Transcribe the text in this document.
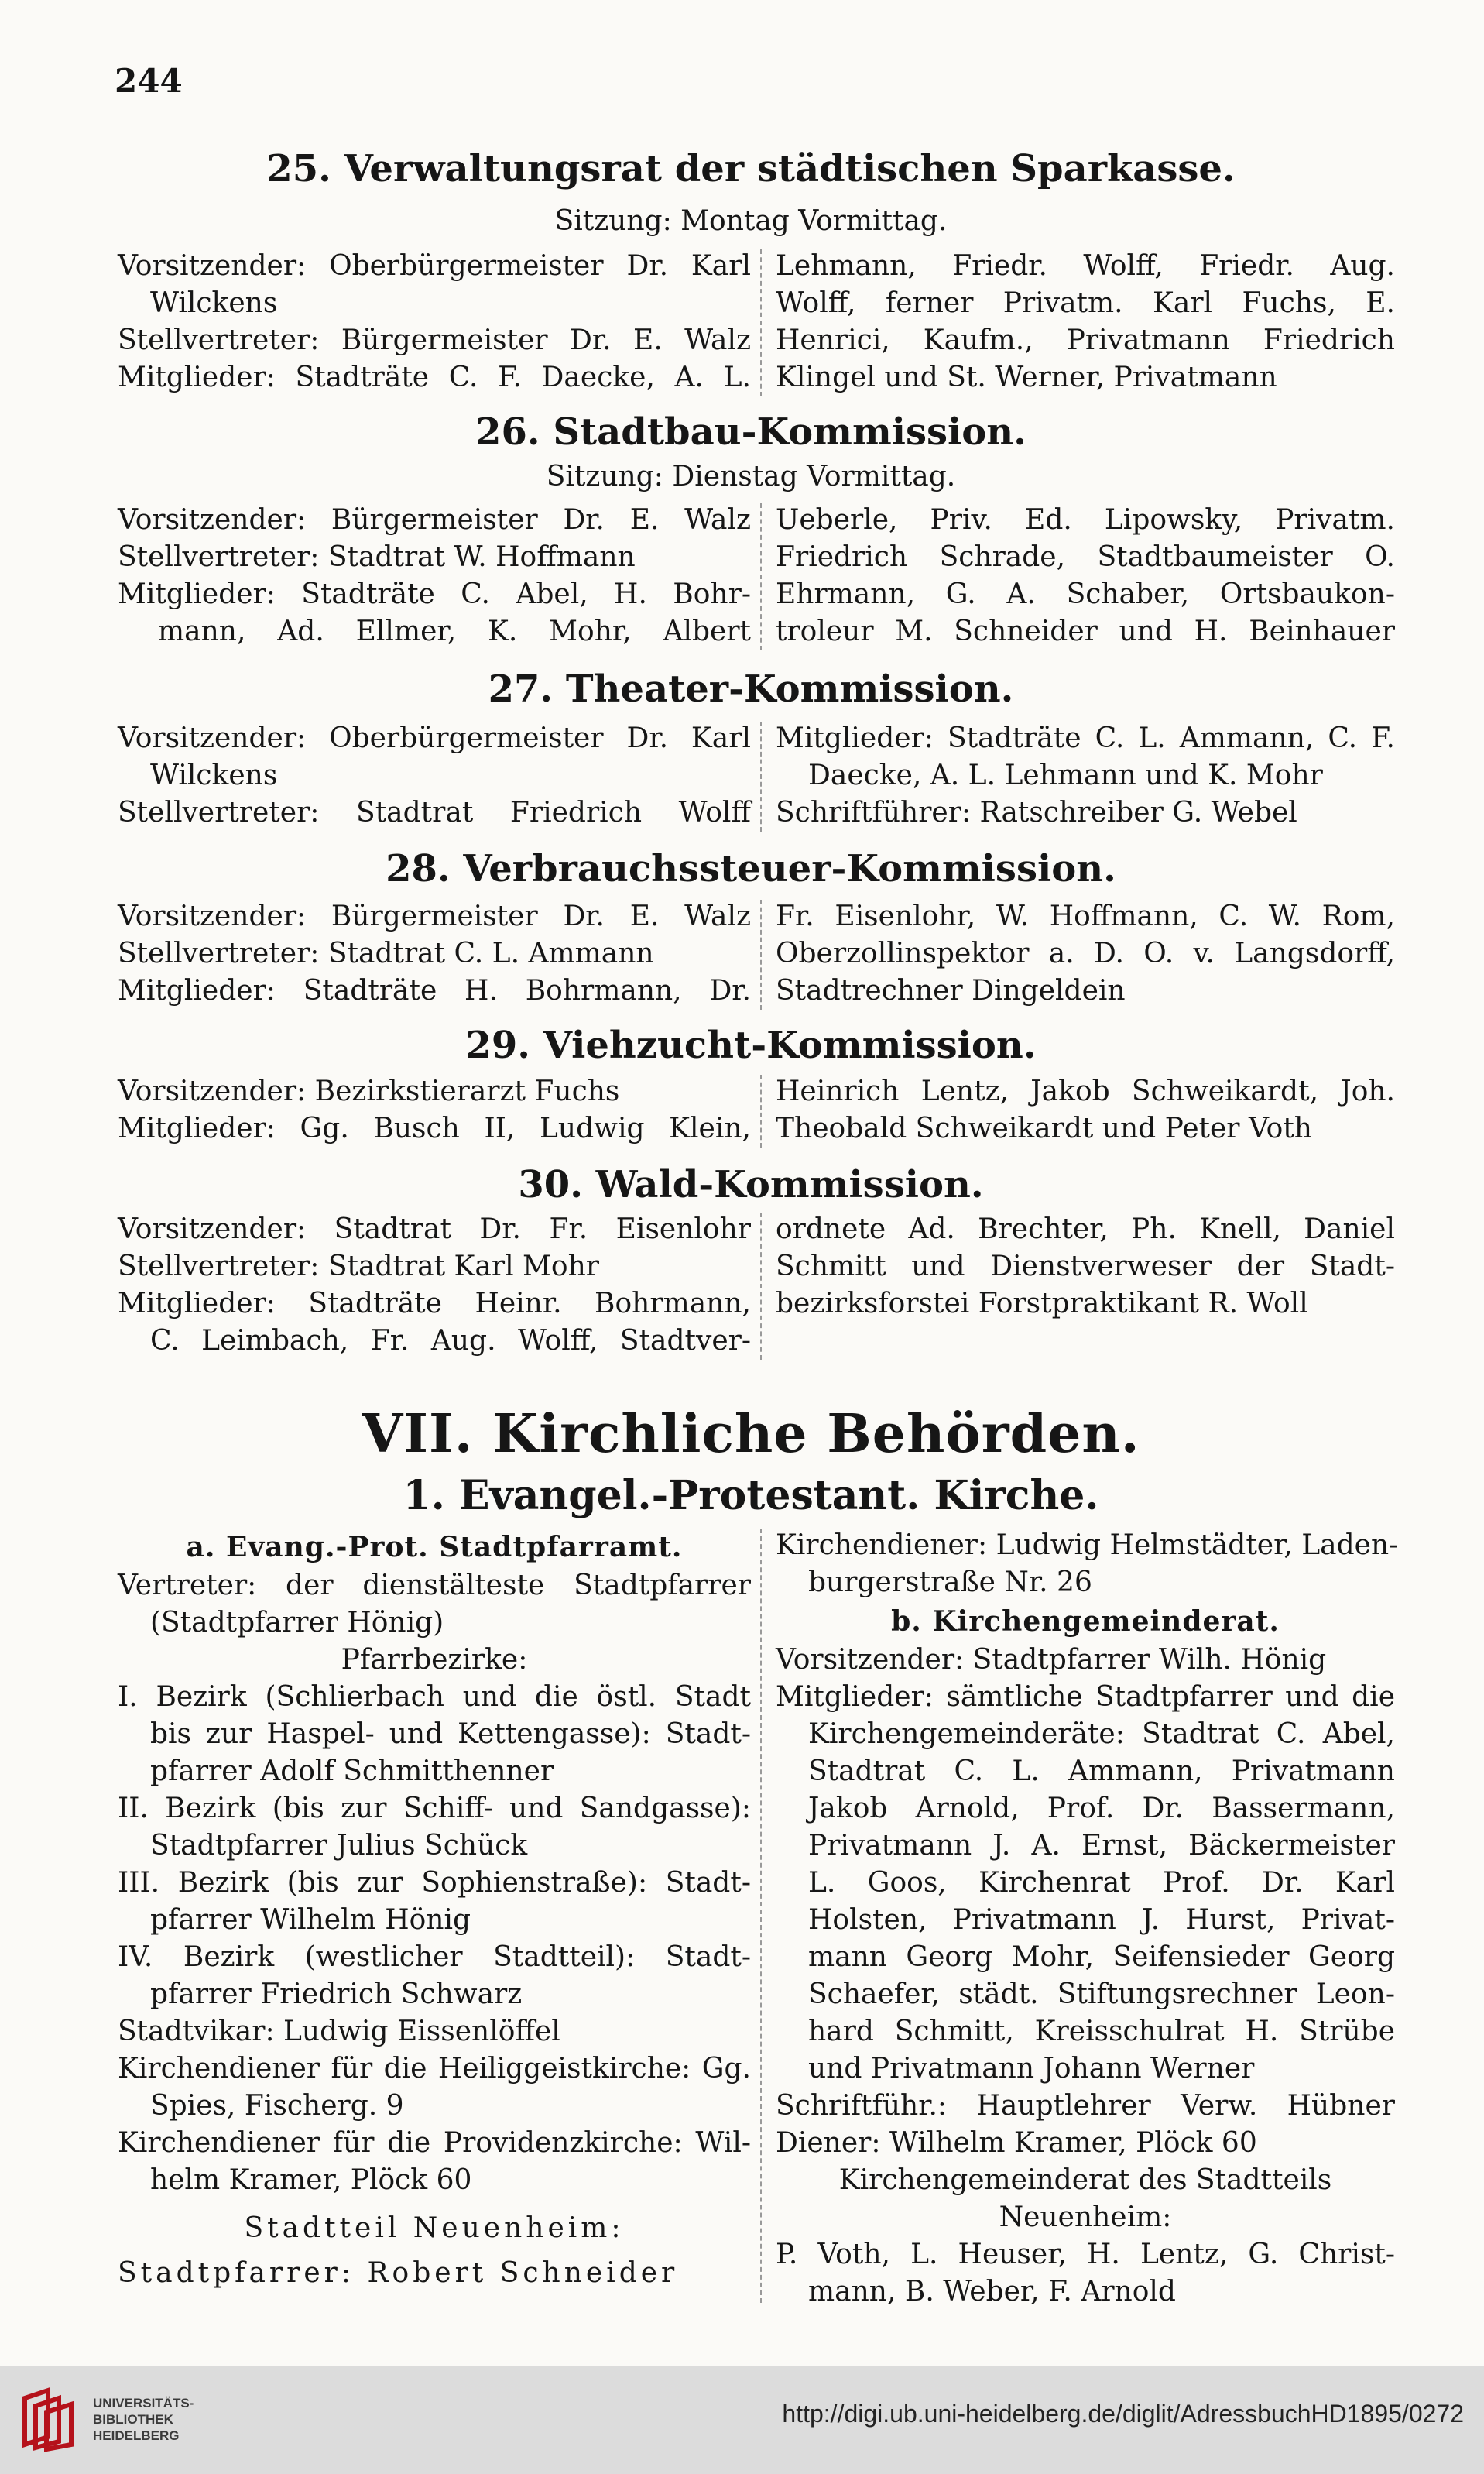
244
25. Verwaltungsrat der städtischen Sparkasse.
Sitzung: Montag Vormittag.
Vorsitzender: Oberbürgermeister Dr. Karl
Wilckens
Stellvertreter: Bürgermeister Dr. E. Walz
Mitglieder: Stadträte C. F. Daecke, A. L.
Lehmann, Friedr. Wolff, Friedr. Aug.
Wolff, ferner Privatm. Karl Fuchs, E.
Henrici, Kaufm., Privatmann Friedrich
Klingel und St. Werner, Privatmann
26. Stadtbau-Kommission.
Sitzung: Dienstag Vormittag.
Vorsitzender: Bürgermeister Dr. E. Walz
Stellvertreter: Stadtrat W. Hoffmann
Mitglieder: Stadträte C. Abel, H. Bohr-
mann, Ad. Ellmer, K. Mohr, Albert
Ueberle, Priv. Ed. Lipowsky, Privatm.
Friedrich Schrade, Stadtbaumeister O.
Ehrmann, G. A. Schaber, Ortsbaukon-
troleur M. Schneider und H. Beinhauer
27. Theater-Kommission.
Vorsitzender: Oberbürgermeister Dr. Karl
Wilckens
Stellvertreter: Stadtrat Friedrich Wolff
Mitglieder: Stadträte C. L. Ammann, C. F.
Daecke, A. L. Lehmann und K. Mohr
Schriftführer: Ratschreiber G. Webel
28. Verbrauchssteuer-Kommission.
Vorsitzender: Bürgermeister Dr. E. Walz
Stellvertreter: Stadtrat C. L. Ammann
Mitglieder: Stadträte H. Bohrmann, Dr.
Fr. Eisenlohr, W. Hoffmann, C. W. Rom,
Oberzollinspektor a. D. O. v. Langsdorff,
Stadtrechner Dingeldein
29. Viehzucht-Kommission.
Vorsitzender: Bezirkstierarzt Fuchs
Mitglieder: Gg. Busch II, Ludwig Klein,
Heinrich Lentz, Jakob Schweikardt, Joh.
Theobald Schweikardt und Peter Voth
30. Wald-Kommission.
Vorsitzender: Stadtrat Dr. Fr. Eisenlohr
Stellvertreter: Stadtrat Karl Mohr
Mitglieder: Stadträte Heinr. Bohrmann,
C. Leimbach, Fr. Aug. Wolff, Stadtver-
ordnete Ad. Brechter, Ph. Knell, Daniel
Schmitt und Dienstverweser der Stadt-
bezirksforstei Forstpraktikant R. Woll
VII. Kirchliche Behörden.
1. Evangel.-Protestant. Kirche.
a. Evang.-Prot. Stadtpfarramt.
Vertreter: der dienstälteste Stadtpfarrer
(Stadtpfarrer Hönig)
Pfarrbezirke:
I. Bezirk (Schlierbach und die östl. Stadt
bis zur Haspel- und Kettengasse): Stadt-
pfarrer Adolf Schmitthenner
II. Bezirk (bis zur Schiff- und Sandgasse):
Stadtpfarrer Julius Schück
III. Bezirk (bis zur Sophienstraße): Stadt-
pfarrer Wilhelm Hönig
IV. Bezirk (westlicher Stadtteil): Stadt-
pfarrer Friedrich Schwarz
Stadtvikar: Ludwig Eissenlöffel
Kirchendiener für die Heiliggeistkirche: Gg.
Spies, Fischerg. 9
Kirchendiener für die Providenzkirche: Wil-
helm Kramer, Plöck 60
Stadtteil Neuenheim:
Stadtpfarrer: Robert Schneider
Kirchendiener: Ludwig Helmstädter, Laden-
burgerstraße Nr. 26
b. Kirchengemeinderat.
Vorsitzender: Stadtpfarrer Wilh. Hönig
Mitglieder: sämtliche Stadtpfarrer und die
Kirchengemeinderäte: Stadtrat C. Abel,
Stadtrat C. L. Ammann, Privatmann
Jakob Arnold, Prof. Dr. Bassermann,
Privatmann J. A. Ernst, Bäckermeister
L. Goos, Kirchenrat Prof. Dr. Karl
Holsten, Privatmann J. Hurst, Privat-
mann Georg Mohr, Seifensieder Georg
Schaefer, städt. Stiftungsrechner Leon-
hard Schmitt, Kreisschulrat H. Strübe
und Privatmann Johann Werner
Schriftführ.: Hauptlehrer Verw. Hübner
Diener: Wilhelm Kramer, Plöck 60
Kirchengemeinderat des Stadtteils
Neuenheim:
P. Voth, L. Heuser, H. Lentz, G. Christ-
mann, B. Weber, F. Arnold
UNIVERSITÄTS-
BIBLIOTHEK
HEIDELBERG
http://digi.ub.uni-heidelberg.de/diglit/AdressbuchHD1895/0272
